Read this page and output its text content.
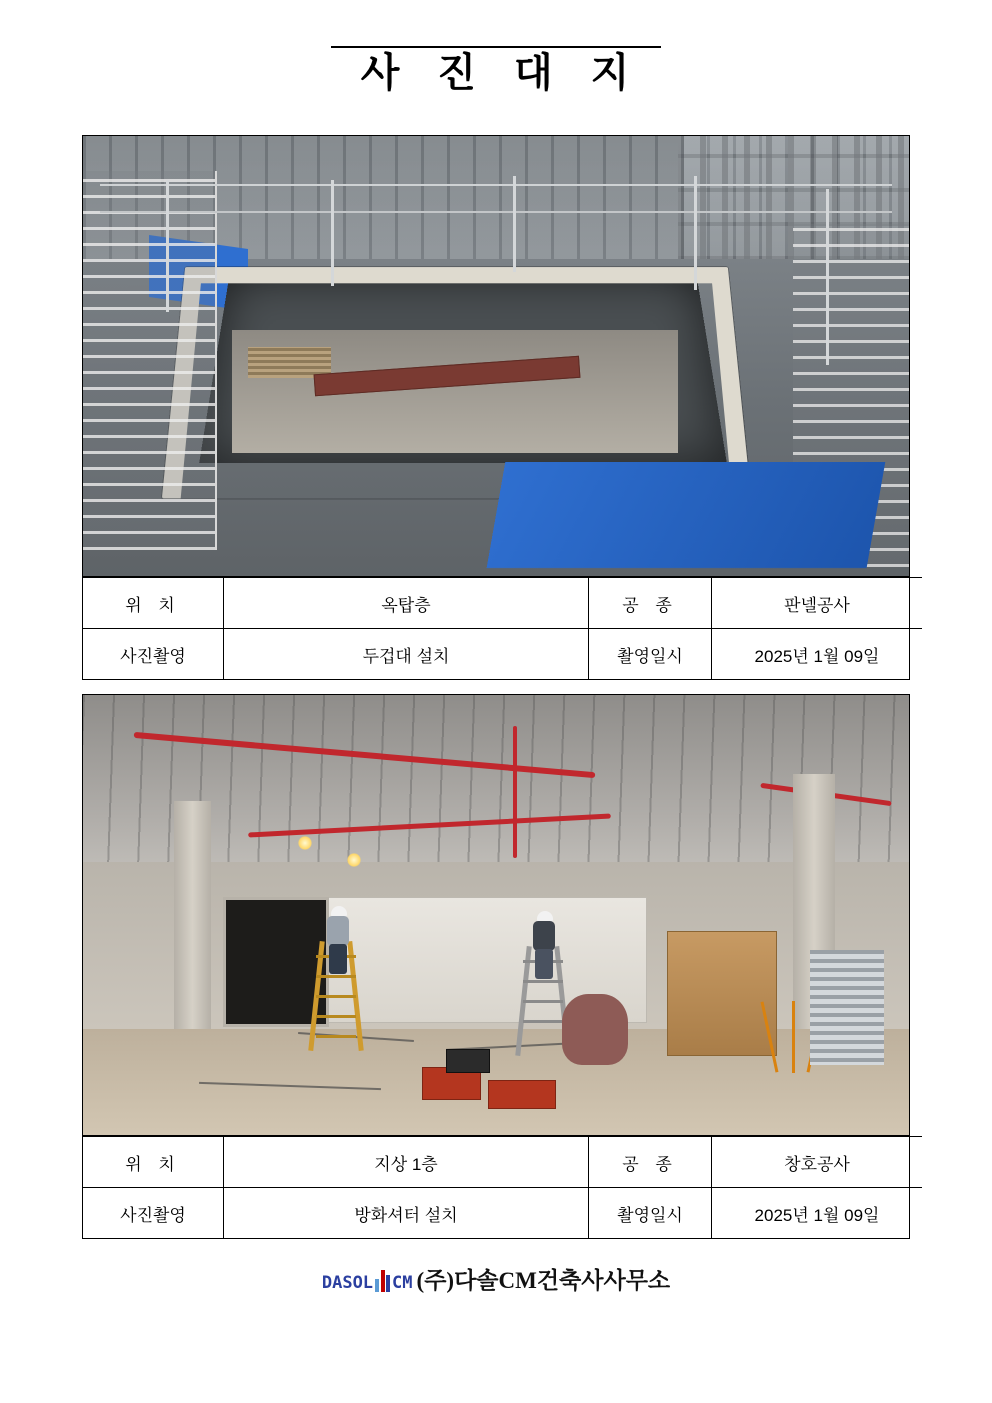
사 진 대 지
위 치	옥탑층	공 종	판넬공사
사진촬영	두겁대 설치	촬영일시	2025년 1월 09일
위 치	지상 1층	공 종	창호공사
사진촬영	방화셔터 설치	촬영일시	2025년 1월 09일
DASOL CM (주)다솔CM건축사사무소
